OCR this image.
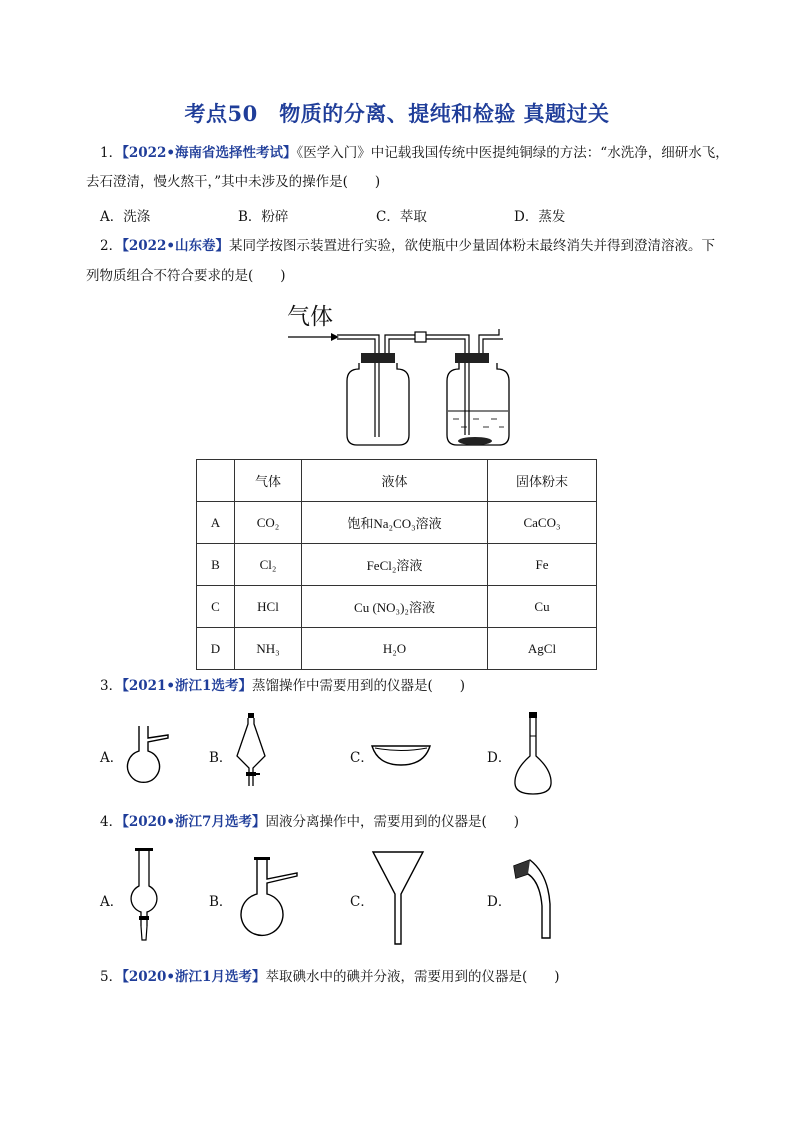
考点50　物质的分离、提纯和检验 真题过关
1．【2022•海南省选择性考试】《医学入门》中记载我国传统中医提纯铜绿的方法：“水洗净，细研水飞，
去石澄清，慢火熬干，”其中未涉及的操作是(　　)
A．洗涤	B．粉碎	C．萃取	D．蒸发
2．【2022•山东卷】某同学按图示装置进行实验，欲使瓶中少量固体粉末最终消失并得到澄清溶液。下
列物质组合不符合要求的是(　　)
气体
	气体	液体	固体粉末
A	CO₂	饱和Na₂CO₃溶液	CaCO₃
B	Cl₂	FeCl₂溶液	Fe
C	HCl	Cu (NO₃)₂溶液	Cu
D	NH₃	H₂O	AgCl
3．【2021•浙江1选考】蒸馏操作中需要用到的仪器是(　　)
A．	B．	C．	D．
4．【2020•浙江7月选考】固液分离操作中，需要用到的仪器是(　　)
A．	B．	C．	D．
5．【2020•浙江1月选考】萃取碘水中的碘并分液，需要用到的仪器是(　　)
